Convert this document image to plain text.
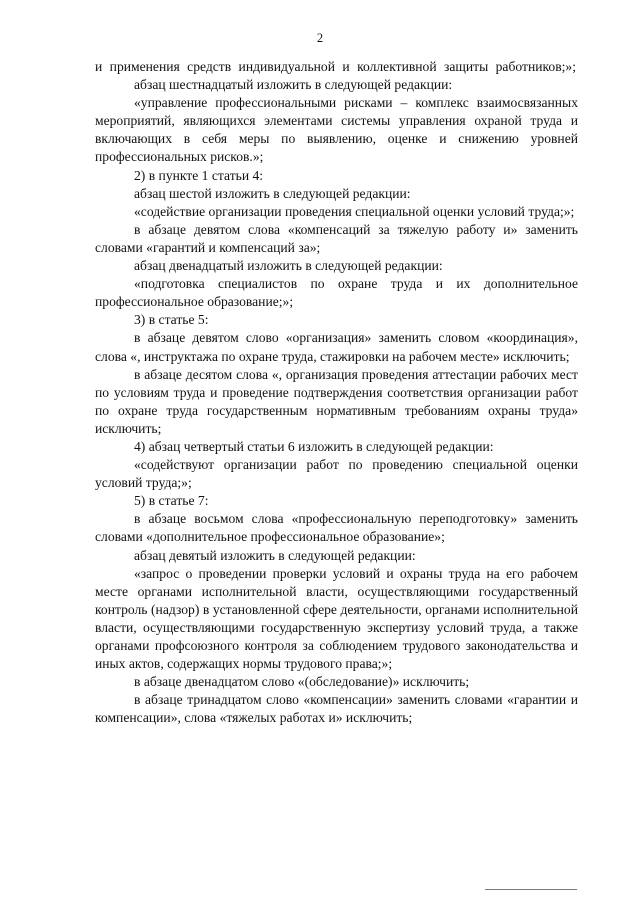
2

и применения средств индивидуальной и коллективной защиты работников;»;

абзац шестнадцатый изложить в следующей редакции:

«управление профессиональными рисками – комплекс взаимосвязанных мероприятий, являющихся элементами системы управления охраной труда и включающих в себя меры по выявлению, оценке и снижению уровней профессиональных рисков.»;

2) в пункте 1 статьи 4:

абзац шестой изложить в следующей редакции:

«содействие организации проведения специальной оценки условий труда;»;

в абзаце девятом слова «компенсаций за тяжелую работу и» заменить словами «гарантий и компенсаций за»;

абзац двенадцатый изложить в следующей редакции:

«подготовка специалистов по охране труда и их дополнительное профессиональное образование;»;

3) в статье 5:

в абзаце девятом слово «организация» заменить словом «координация», слова «, инструктажа по охране труда, стажировки на рабочем месте» исключить;

в абзаце десятом слова «, организация проведения аттестации рабочих мест по условиям труда и проведение подтверждения соответствия организации работ по охране труда государственным нормативным требованиям охраны труда» исключить;

4) абзац четвертый статьи 6 изложить в следующей редакции:

«содействуют организации работ по проведению специальной оценки условий труда;»;

5) в статье 7:

в абзаце восьмом слова «профессиональную переподготовку» заменить словами «дополнительное профессиональное образование»;

абзац девятый изложить в следующей редакции:

«запрос о проведении проверки условий и охраны труда на его рабочем месте органами исполнительной власти, осуществляющими государственный контроль (надзор) в установленной сфере деятельности, органами исполнительной власти, осуществляющими государственную экспертизу условий труда, а также органами профсоюзного контроля за соблюдением трудового законодательства и иных актов, содержащих нормы трудового права;»;

в абзаце двенадцатом слово «(обследование)» исключить;

в абзаце тринадцатом слово «компенсации» заменить словами «гарантии и компенсации», слова «тяжелых работах и» исключить;
